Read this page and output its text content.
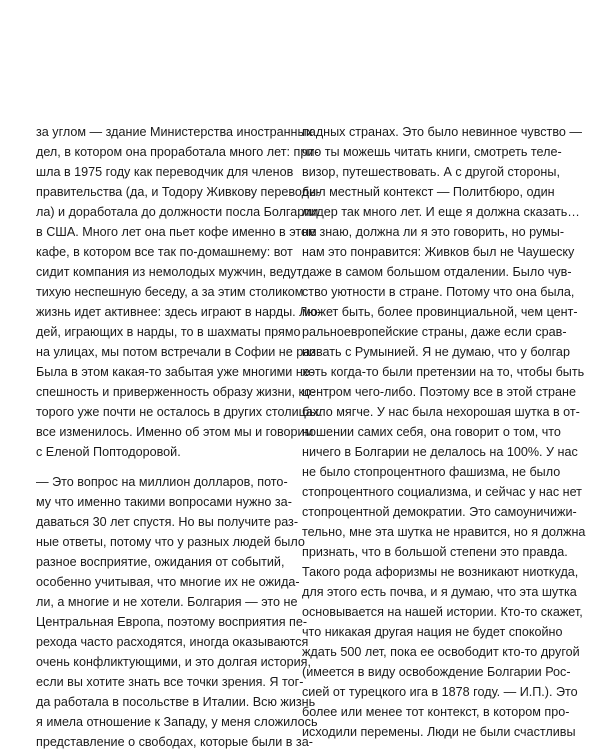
за углом — здание Министерства иностранных
дел, в котором она проработала много лет: при-
шла в 1975 году как переводчик для членов
правительства (да, и Тодору Живкову переводи-
ла) и доработала до должности посла Болгарии
в США. Много лет она пьет кофе именно в этом
кафе, в котором все так по-домашнему: вот
сидит компания из немолодых мужчин, ведут
тихую неспешную беседу, а за этим столиком
жизнь идет активнее: здесь играют в нарды. Лю-
дей, играющих в нарды, то в шахматы прямо
на улицах, мы потом встречали в Софии не раз.
Была в этом какая-то забытая уже многими не-
спешность и приверженность образу жизни, ко-
торого уже почти не осталось в других столицах:
все изменилось. Именно об этом мы и говорим
с Еленой Поптодоровой.
— Это вопрос на миллион долларов, пото-
му что именно такими вопросами нужно за-
даваться 30 лет спустя. Но вы получите раз-
ные ответы, потому что у разных людей было
разное восприятие, ожидания от событий,
особенно учитывая, что многие их не ожида-
ли, а многие и не хотели. Болгария — это не
Центральная Европа, поэтому восприятия пе-
рехода часто расходятся, иногда оказываются
очень конфликтующими, и это долгая история,
если вы хотите знать все точки зрения. Я тог-
да работала в посольстве в Италии. Всю жизнь
я имела отношение к Западу, у меня сложилось
представление о свободах, которые были в за-
падных странах. Это было невинное чувство —
что ты можешь читать книги, смотреть теле-
визор, путешествовать. А с другой стороны,
был местный контекст — Политбюро, один
лидер так много лет. И еще я должна сказать…
не знаю, должна ли я это говорить, но румы-
нам это понравится: Живков был не Чаушеску
даже в самом большом отдалении. Было чув-
ство уютности в стране. Потому что она была,
может быть, более провинциальной, чем цент-
ральноевропейские страны, даже если срав-
нивать с Румынией. Я не думаю, что у болгар
хоть когда-то были претензии на то, чтобы быть
центром чего-либо. Поэтому все в этой стране
было мягче. У нас была нехорошая шутка в от-
ношении самих себя, она говорит о том, что
ничего в Болгарии не делалось на 100%. У нас
не было стопроцентного фашизма, не было
стопроцентного социализма, и сейчас у нас нет
стопроцентной демократии. Это самоуничижи-
тельно, мне эта шутка не нравится, но я должна
признать, что в большой степени это правда.
Такого рода афоризмы не возникают ниоткуда,
для этого есть почва, и я думаю, что эта шутка
основывается на нашей истории. Кто-то скажет,
что никакая другая нация не будет спокойно
ждать 500 лет, пока ее освободит кто-то другой
(имеется в виду освобождение Болгарии Рос-
сией от турецкого ига в 1878 году. — И.П.). Это
более или менее тот контекст, в котором про-
исходили перемены. Люди не были счастливы
